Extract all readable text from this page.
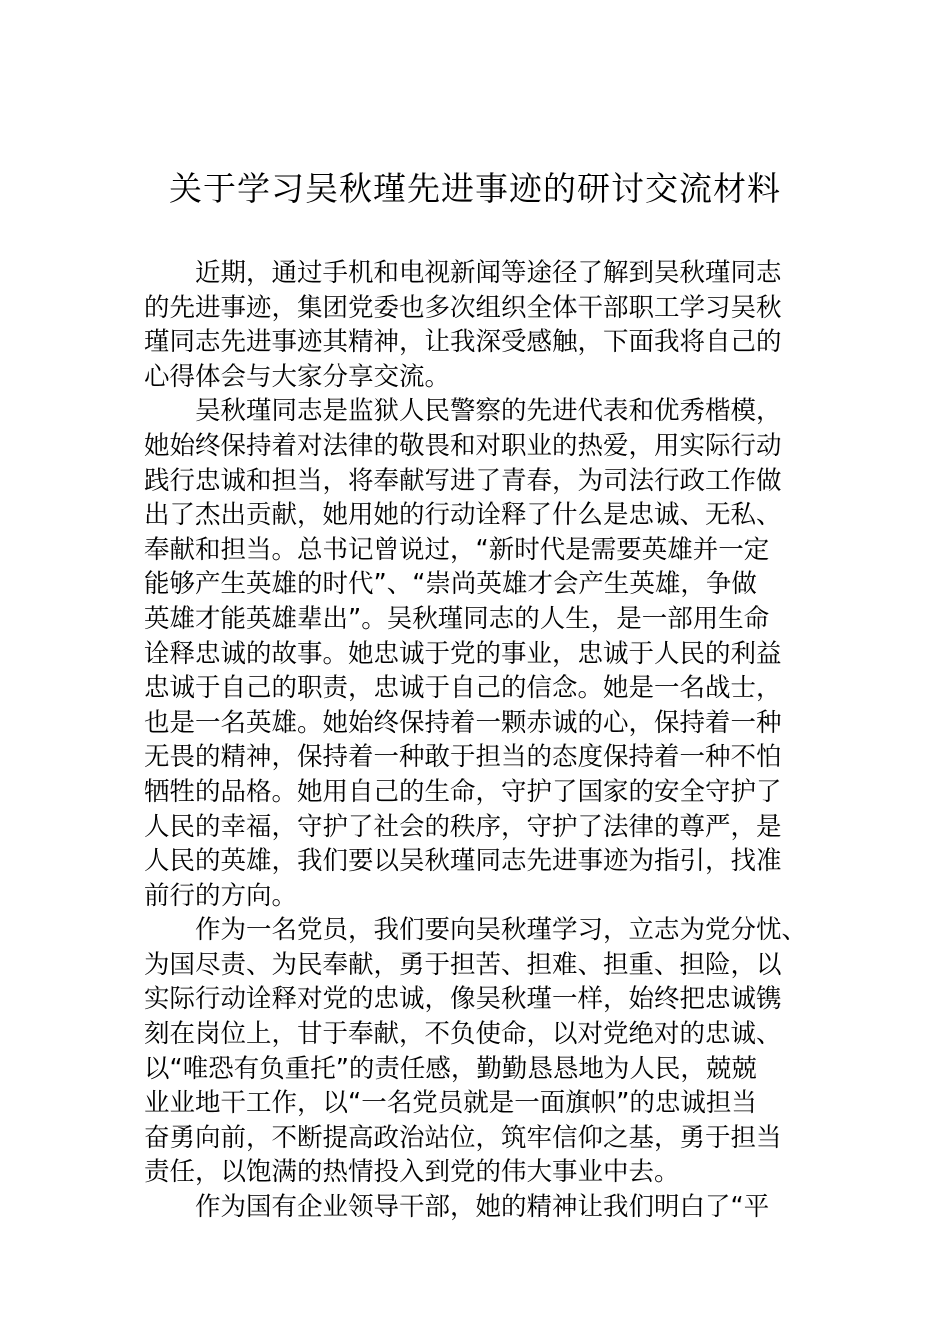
关于学习吴秋瑾先进事迹的研讨交流材料
近期，通过手机和电视新闻等途径了解到吴秋瑾同志
的先进事迹，集团党委也多次组织全体干部职工学习吴秋
瑾同志先进事迹其精神，让我深受感触，下面我将自己的
心得体会与大家分享交流。
吴秋瑾同志是监狱人民警察的先进代表和优秀楷模，
她始终保持着对法律的敬畏和对职业的热爱，用实际行动
践行忠诚和担当，将奉献写进了青春，为司法行政工作做
出了杰出贡献，她用她的行动诠释了什么是忠诚、无私、
奉献和担当。总书记曾说过，“新时代是需要英雄并一定
能够产生英雄的时代”、“崇尚英雄才会产生英雄，争做
英雄才能英雄辈出”。吴秋瑾同志的人生，是一部用生命
诠释忠诚的故事。她忠诚于党的事业，忠诚于人民的利益
忠诚于自己的职责，忠诚于自己的信念。她是一名战士，
也是一名英雄。她始终保持着一颗赤诚的心，保持着一种
无畏的精神，保持着一种敢于担当的态度保持着一种不怕
牺牲的品格。她用自己的生命，守护了国家的安全守护了
人民的幸福，守护了社会的秩序，守护了法律的尊严，是
人民的英雄，我们要以吴秋瑾同志先进事迹为指引，找准
前行的方向。
作为一名党员，我们要向吴秋瑾学习，立志为党分忧、
为国尽责、为民奉献，勇于担苦、担难、担重、担险，以
实际行动诠释对党的忠诚，像吴秋瑾一样，始终把忠诚镌
刻在岗位上，甘于奉献，不负使命，以对党绝对的忠诚、
以“唯恐有负重托”的责任感，勤勤恳恳地为人民，兢兢
业业地干工作，以“一名党员就是一面旗帜”的忠诚担当
奋勇向前，不断提高政治站位，筑牢信仰之基，勇于担当
责任，以饱满的热情投入到党的伟大事业中去。
作为国有企业领导干部，她的精神让我们明白了“平
